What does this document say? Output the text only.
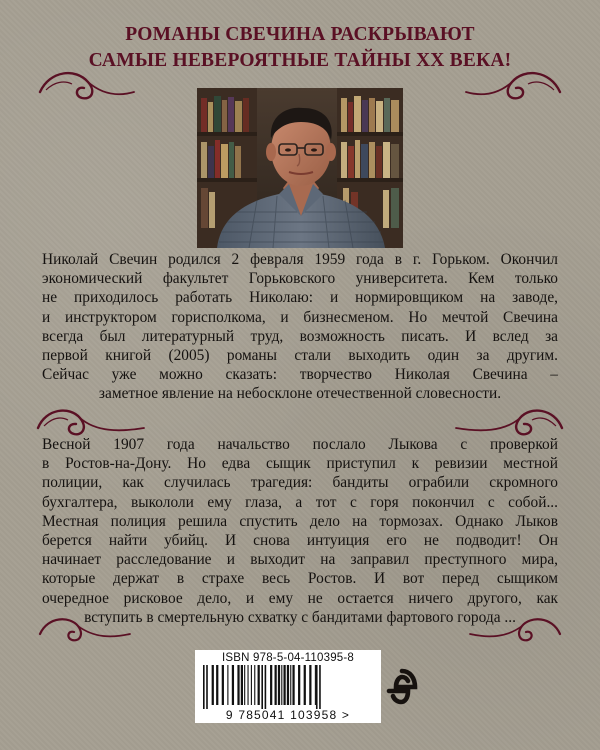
РОМАНЫ СВЕЧИНА РАСКРЫВАЮТ
САМЫЕ НЕВЕРОЯТНЫЕ ТАЙНЫ XX ВЕКА!
Николай Свечин родился 2 февраля 1959 года в г. Горьком. Окончил
экономический факультет Горьковского университета. Кем только
не приходилось работать Николаю: и нормировщиком на заводе,
и инструктором горисполкома, и бизнесменом. Но мечтой Свечина
всегда был литературный труд, возможность писать. И вслед за
первой книгой (2005) романы стали выходить один за другим.
Сейчас уже можно сказать: творчество Николая Свечина –
заметное явление на небосклоне отечественной словесности.
Весной 1907 года начальство послало Лыкова с проверкой
в Ростов-на-Дону. Но едва сыщик приступил к ревизии местной
полиции, как случилась трагедия: бандиты ограбили скромного
бухгалтера, выкололи ему глаза, а тот с горя покончил с собой...
Местная полиция решила спустить дело на тормозах. Однако Лыков
берется найти убийц. И снова интуиция его не подводит! Он
начинает расследование и выходит на заправил преступного мира,
которые держат в страхе весь Ростов. И вот перед сыщиком
очередное рисковое дело, и ему не остается ничего другого, как
вступить в смертельную схватку с бандитами фартового города ...
ISBN 978-5-04-110395-8
9 785041 103958 >
